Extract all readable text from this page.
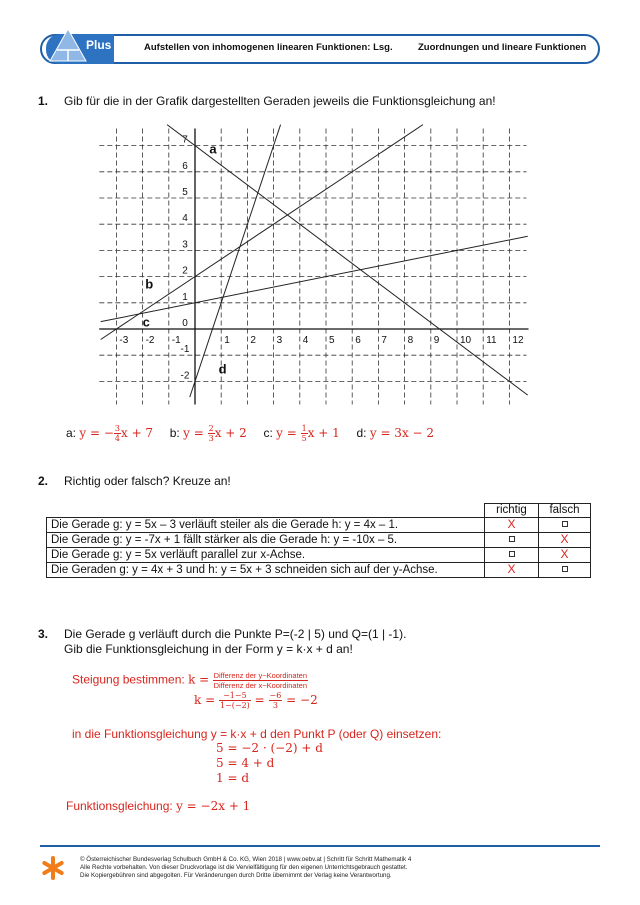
Plus	Aufstellen von inhomogenen linearen Funktionen: Lsg.	Zuordnungen und lineare Funktionen
1. Gib für die in der Grafik dargestellten Geraden jeweils die Funktionsgleichung an!
-3 -2 -1	1 2 3 4 5 6 7 8 9 10 11 12
7
6
5
4
3
2
1
0
-1
-2
a
b
c
d
a: y = − $\frac{3}{4}$ x + 7 b: $y = \frac{2}{3}$ x + 2 c: $y = \frac{1}{5}$ x + 1 d: y = 3x − 2
2. Richtig oder falsch? Kreuze an!
	richtig	falsch
Die Gerade g: y = 5x – 3 verläuft steiler als die Gerade h: y = 4x – 1.	X	
Die Gerade g: y = -7x + 1 fällt stärker als die Gerade h: y = -10x – 5.		X
Die Gerade g: y = 5x verläuft parallel zur x-Achse.		X
Die Geraden g: y = 4x + 3 und h: y = 5x + 3 schneiden sich auf der y-Achse.	X	
3. Die Gerade g verläuft durch die Punkte P=(-2 | 5) und Q=(1 | -1).
Gib die Funktionsgleichung in der Form y = k·x + d an!
Steigung bestimmen: $k = \frac{\text{Differenz der y−Koordinaten}}{\text{Differenz der x−Koordinaten}}$
$k = \frac{-1-5}{1-(-2)} = \frac{-6}{3} = -2$
in die Funktionsgleichung y = k·x + d den Punkt P (oder Q) einsetzen:
5 = −2 · (−2) + d
5 = 4 + d
1 = d
Funktionsgleichung: y = −2x + 1
© Österreichischer Bundesverlag Schulbuch GmbH & Co. KG, Wien 2018 | www.oebv.at | Schritt für Schritt Mathematik 4
Alle Rechte vorbehalten. Von dieser Druckvorlage ist die Vervielfältigung für den eigenen Unterrichtsgebrauch gestattet.
Die Kopiergebühren sind abgegolten. Für Veränderungen durch Dritte übernimmt der Verlag keine Verantwortung.
